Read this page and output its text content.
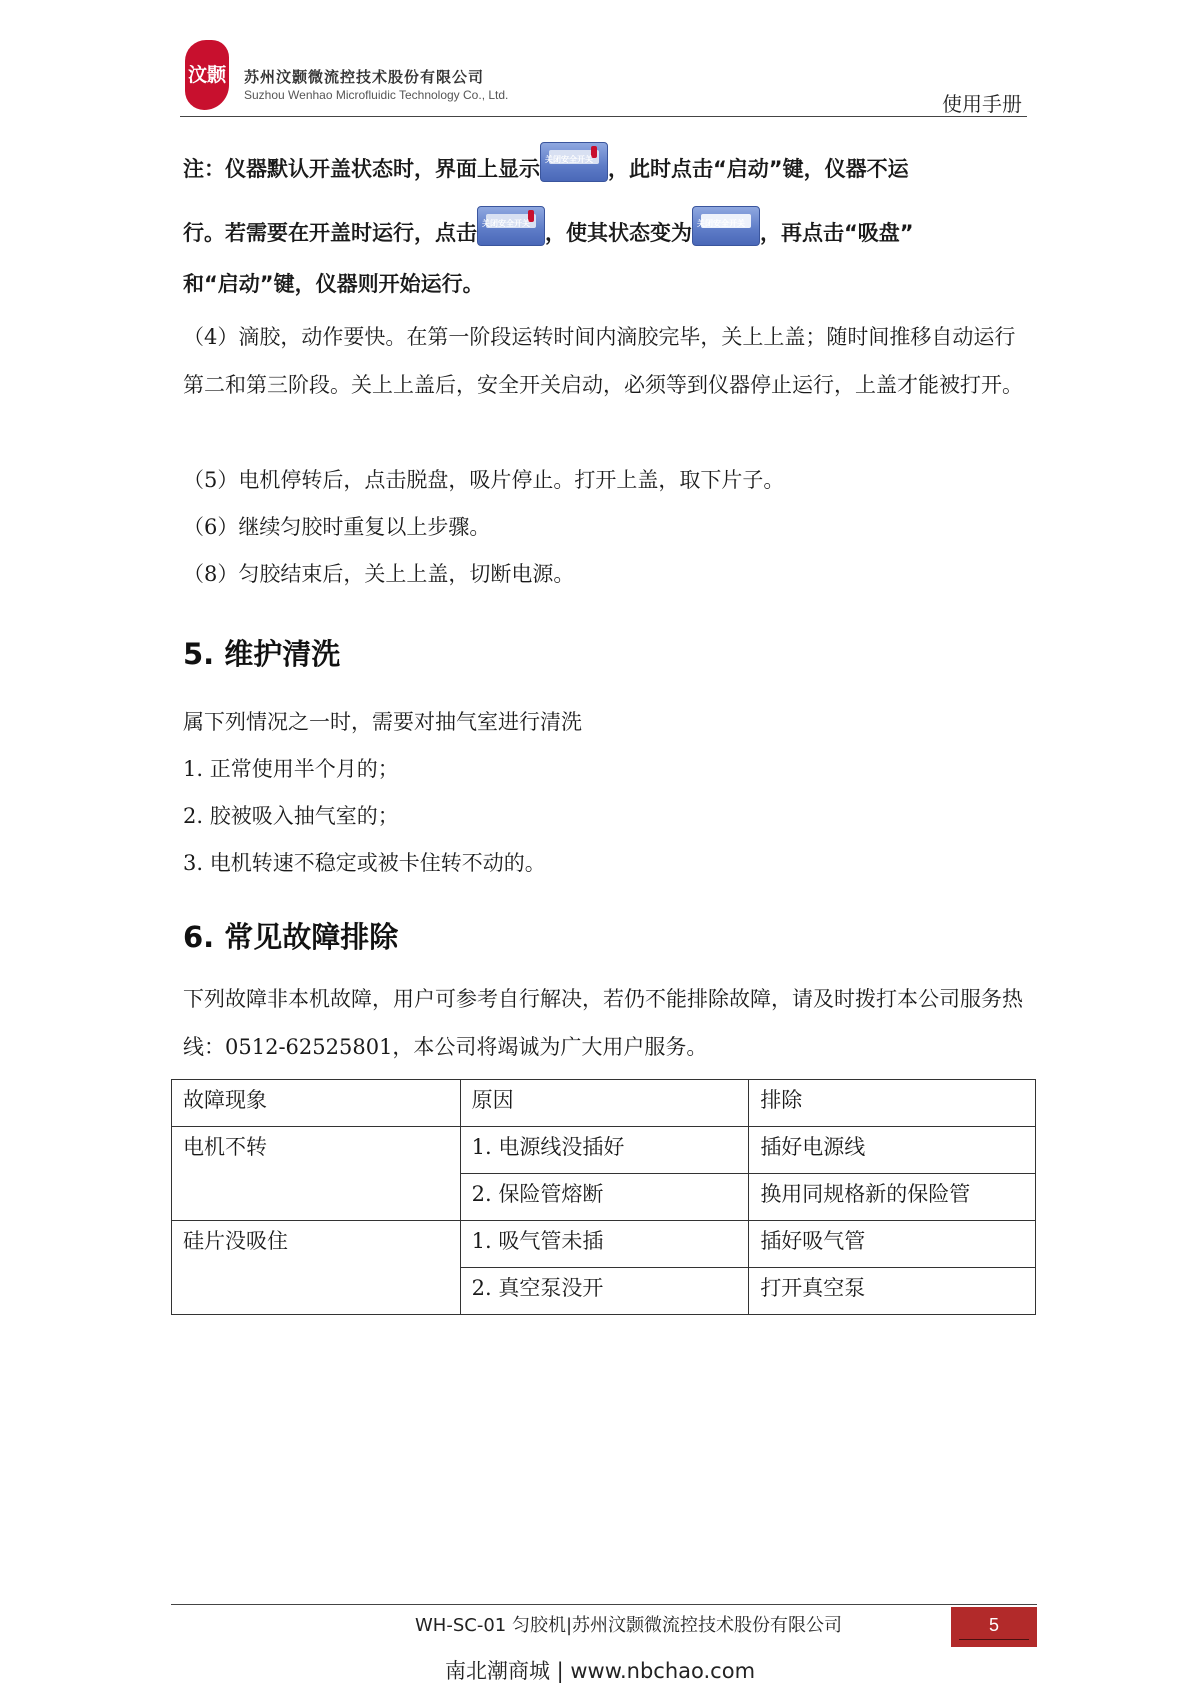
汶颢 苏州汶颢微流控技术股份有限公司
Suzhou Wenhao Microfluidic Technology Co., Ltd.	使用手册
注：仪器默认开盖状态时，界面上显示 关闭安全开关 ，此时点击“启动”键，仪器不运
行。若需要在开盖时运行，点击 关闭安全开关 ，使其状态变为 关闭安全开关 ，再点击“吸盘”
和“启动”键，仪器则开始运行。

（4）滴胶，动作要快。在第一阶段运转时间内滴胶完毕，关上上盖；随时间推移自动运行第二和第三阶段。关上上盖后，安全开关启动，必须等到仪器停止运行，上盖才能被打开。

（5）电机停转后，点击脱盘，吸片停止。打开上盖，取下片子。

（6）继续匀胶时重复以上步骤。

（8）匀胶结束后，关上上盖，切断电源。

5. 维护清洗

属下列情况之一时，需要对抽气室进行清洗

1. 正常使用半个月的；

2. 胶被吸入抽气室的；

3. 电机转速不稳定或被卡住转不动的。

6. 常见故障排除

下列故障非本机故障，用户可参考自行解决，若仍不能排除故障，请及时拨打本公司服务热线：0512-62525801，本公司将竭诚为广大用户服务。

故障现象	原因	排除
电机不转	1. 电源线没插好	插好电源线
	2. 保险管熔断	换用同规格新的保险管
硅片没吸住	1. 吸气管未插	插好吸气管
	2. 真空泵没开	打开真空泵
WH-SC-01 匀胶机|苏州汶颢微流控技术股份有限公司	5
南北潮商城 | www.nbchao.com
